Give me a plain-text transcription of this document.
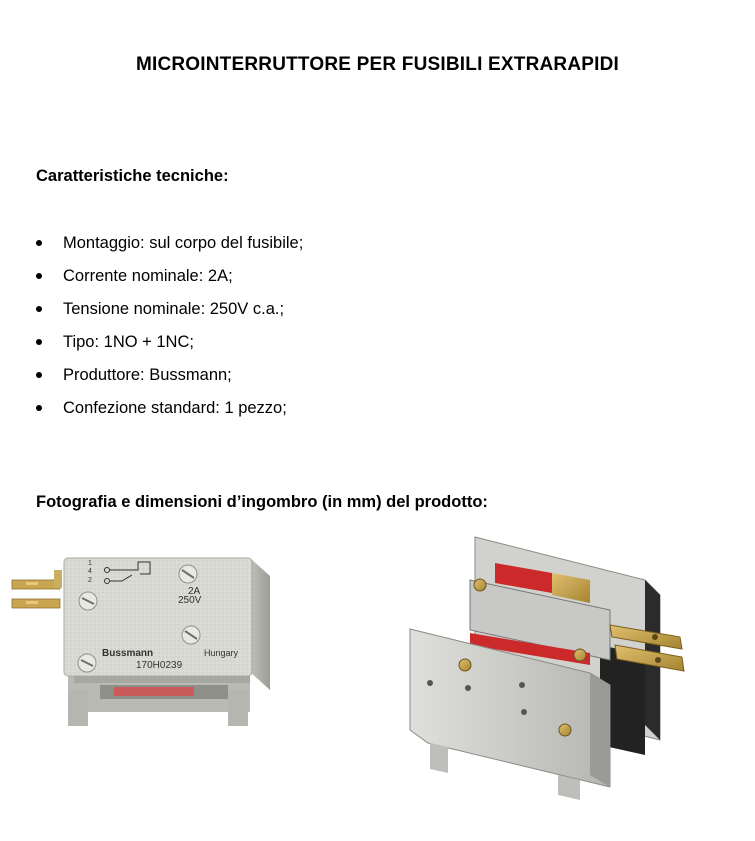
MICROINTERRUTTORE PER FUSIBILI EXTRARAPIDI
Caratteristiche tecniche:
Montaggio: sul corpo del fusibile;
Corrente nominale: 2A;
Tensione nominale: 250V c.a.;
Tipo: 1NO + 1NC;
Produttore: Bussmann;
Confezione standard: 1 pezzo;
Fotografia e dimensioni d’ingombro (in mm) del prodotto:
1
4
2
2A
250V
Bussmann	Hungary
170H0239
